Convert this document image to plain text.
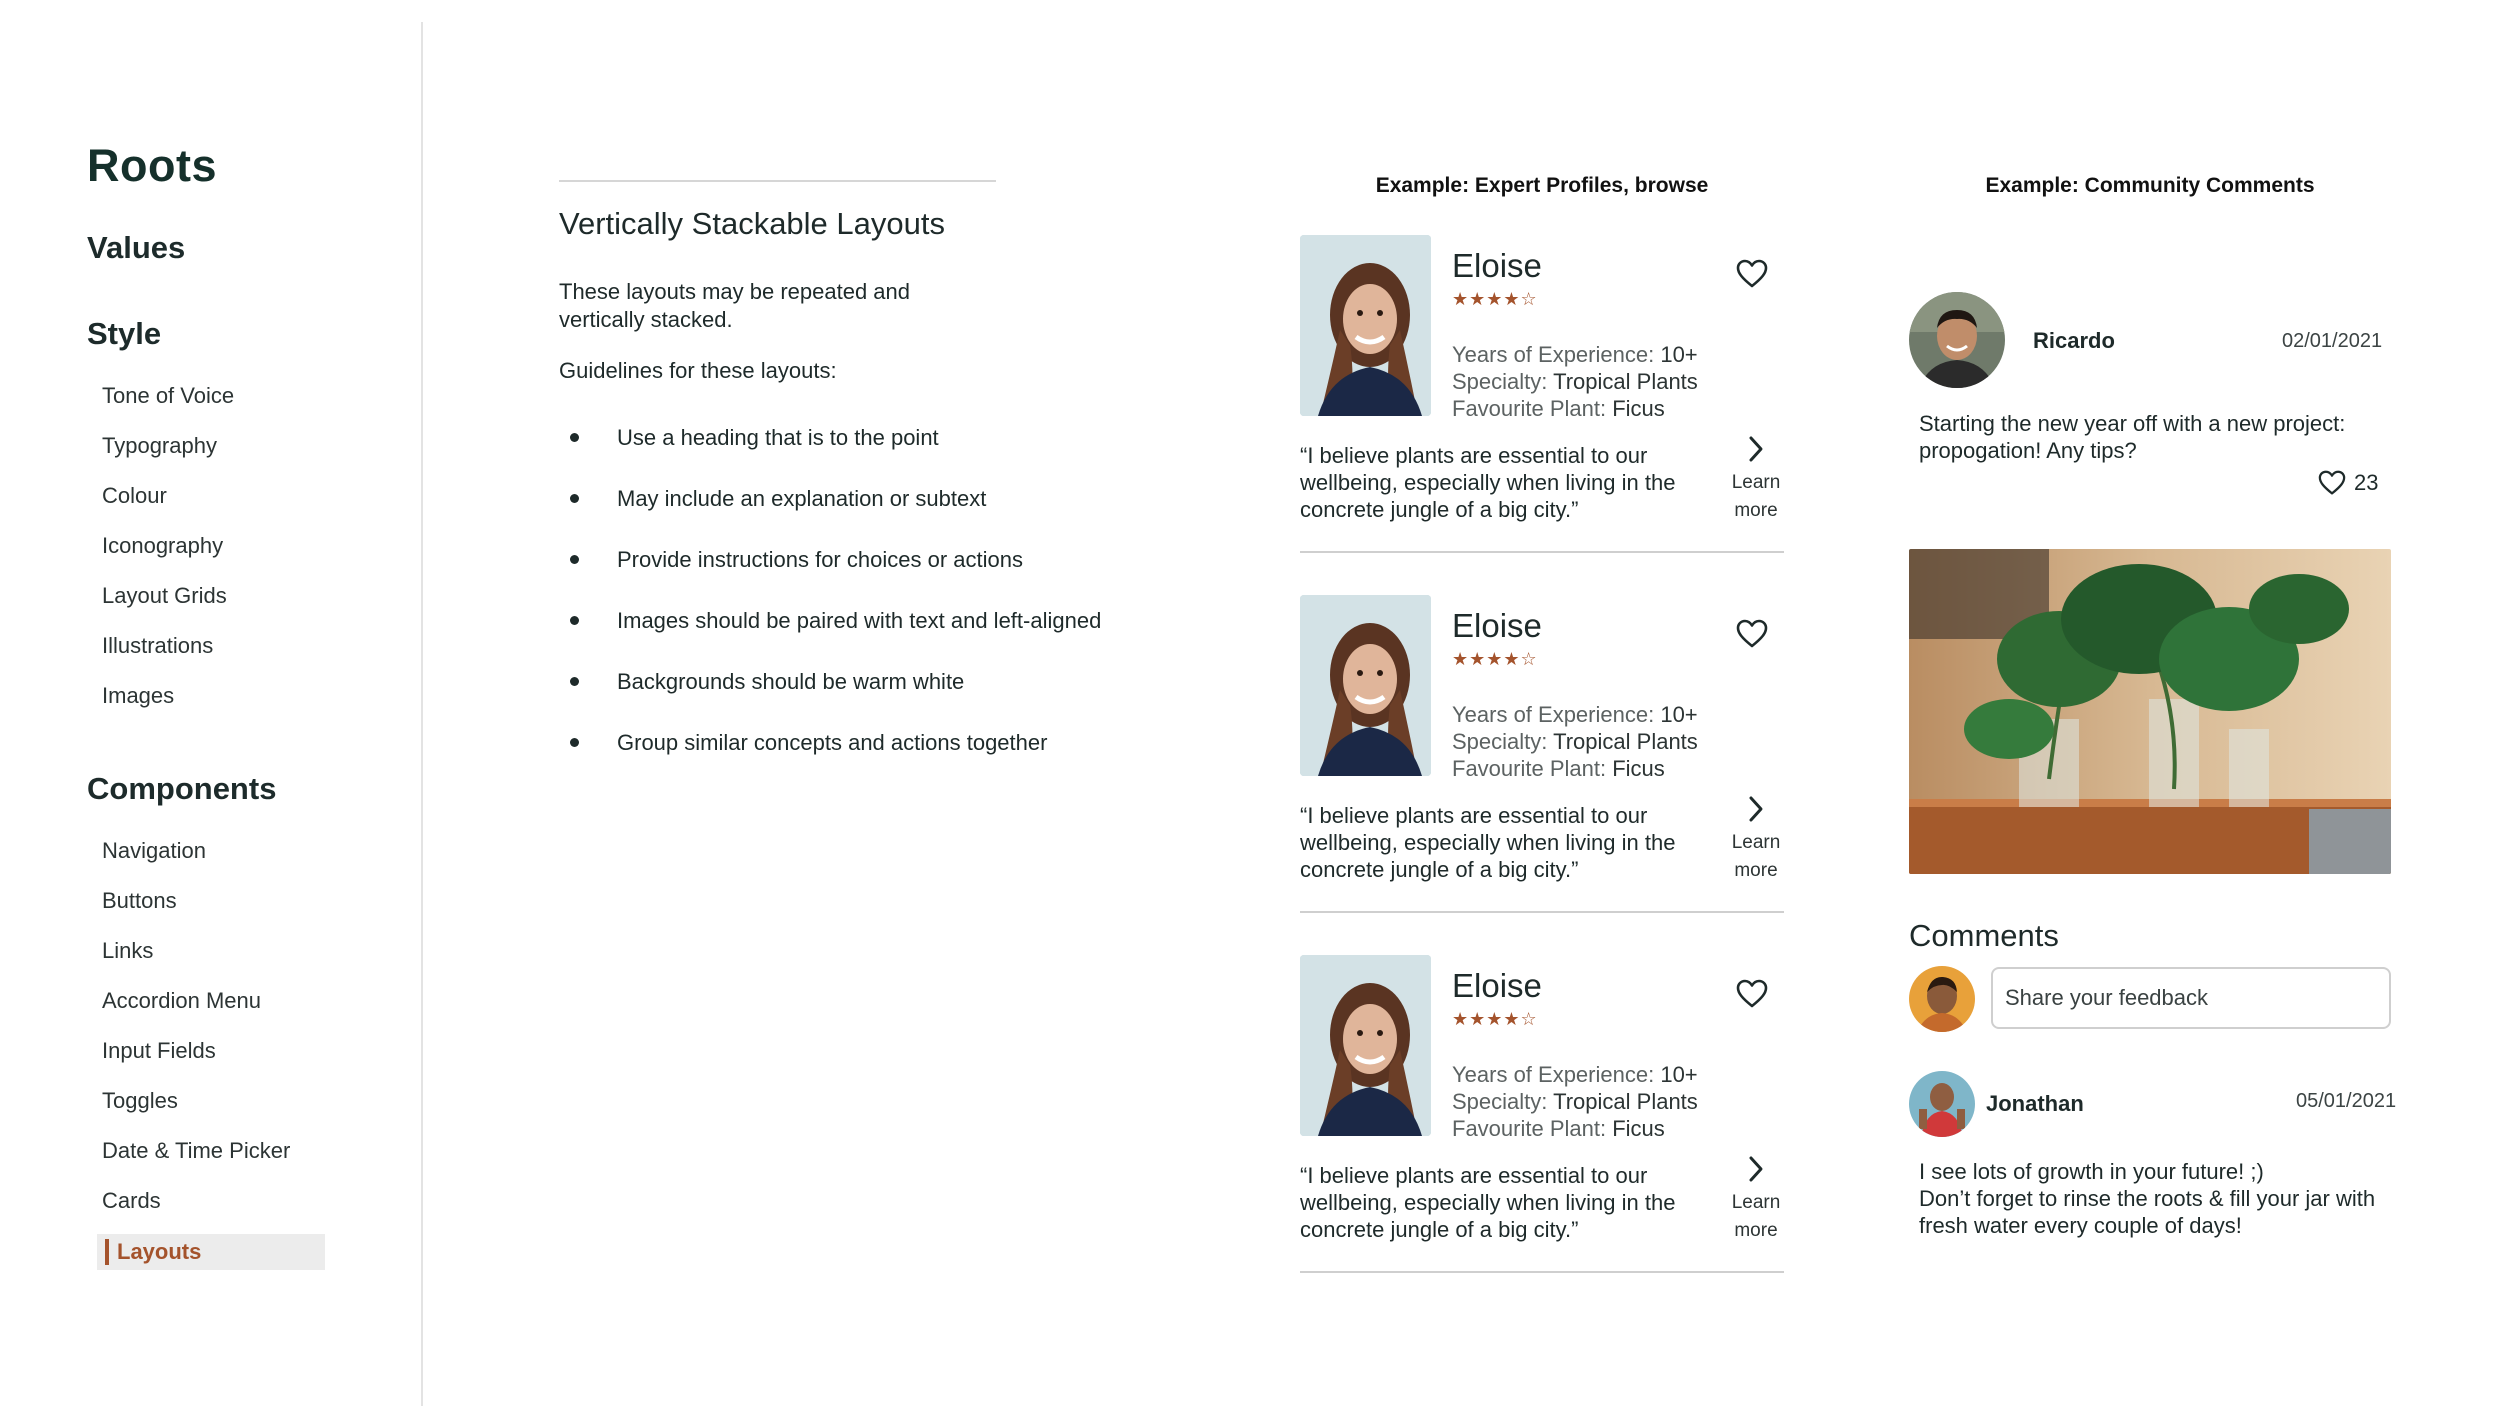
Roots
Values
Style
Tone of Voice
Typography
Colour
Iconography
Layout Grids
Illustrations
Images
Components
Navigation
Buttons
Links
Accordion Menu
Input Fields
Toggles
Date & Time Picker
Cards
Layouts
Vertically Stackable Layouts

These layouts may be repeated and vertically stacked.

Guidelines for these layouts:

Use a heading that is to the point
May include an explanation or subtext
Provide instructions for choices or actions
Images should be paired with text and left-aligned
Backgrounds should be warm white
Group similar concepts and actions together
Example: Expert Profiles, browse
Eloise
★★★★☆
Years of Experience: 10+
Specialty: Tropical Plants
Favourite Plant: Ficus

“I believe plants are essential to our wellbeing, especially when living in the concrete jungle of a big city.”

Learn
more
Eloise
★★★★☆
Years of Experience: 10+
Specialty: Tropical Plants
Favourite Plant: Ficus

“I believe plants are essential to our wellbeing, especially when living in the concrete jungle of a big city.”

Learn
more
Eloise
★★★★☆
Years of Experience: 10+
Specialty: Tropical Plants
Favourite Plant: Ficus

“I believe plants are essential to our wellbeing, especially when living in the concrete jungle of a big city.”

Learn
more
Example: Community Comments
Ricardo	02/01/2021

Starting the new year off with a new project: propogation! Any tips?

23
Comments
Share your feedback
Jonathan	05/01/2021
I see lots of growth in your future! ;)
Don’t forget to rinse the roots & fill your jar with fresh water every couple of days!
